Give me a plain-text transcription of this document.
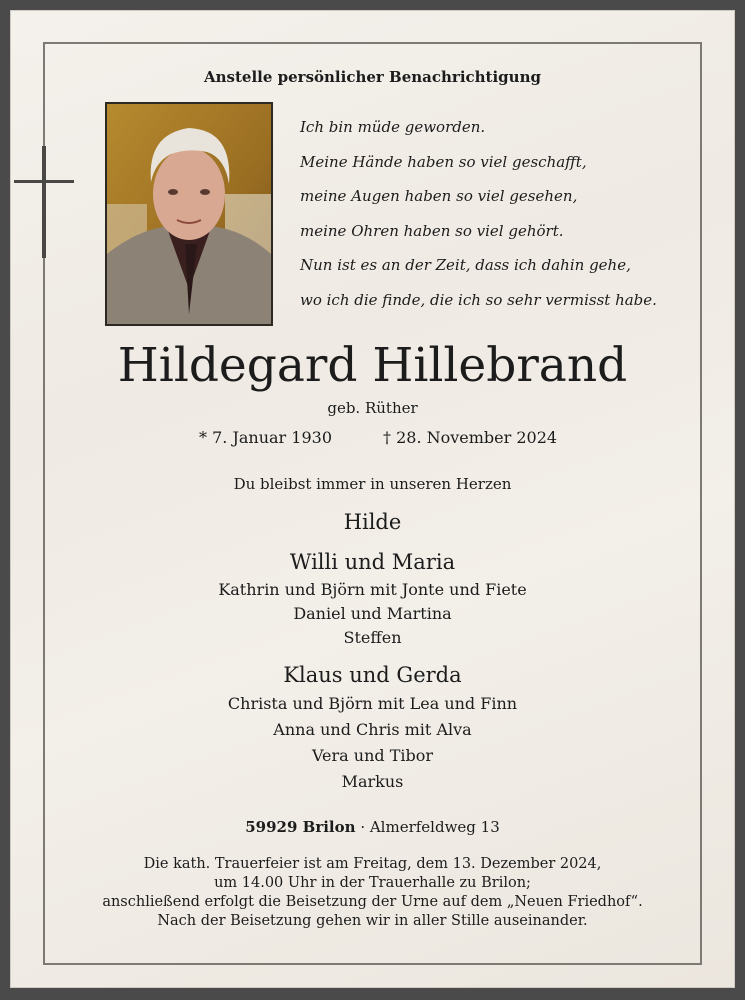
Anstelle persönlicher Benachrichtigung
Ich bin müde geworden.
Meine Hände haben so viel geschafft,
meine Augen haben so viel gesehen,
meine Ohren haben so viel gehört.
Nun ist es an der Zeit, dass ich dahin gehe,
wo ich die finde, die ich so sehr vermisst habe.
Hildegard Hillebrand
geb. Rüther
* 7. Januar 1930	† 28. November 2024
Du bleibst immer in unseren Herzen
Hilde
Willi und Maria
Kathrin und Björn mit Jonte und Fiete
Daniel und Martina
Steffen
Klaus und Gerda
Christa und Björn mit Lea und Finn
Anna und Chris mit Alva
Vera und Tibor
Markus
59929 Brilon · Almerfeldweg 13
Die kath. Trauerfeier ist am Freitag, dem 13. Dezember 2024,
um 14.00 Uhr in der Trauerhalle zu Brilon;
anschließend erfolgt die Beisetzung der Urne auf dem „Neuen Friedhof“.
Nach der Beisetzung gehen wir in aller Stille auseinander.
